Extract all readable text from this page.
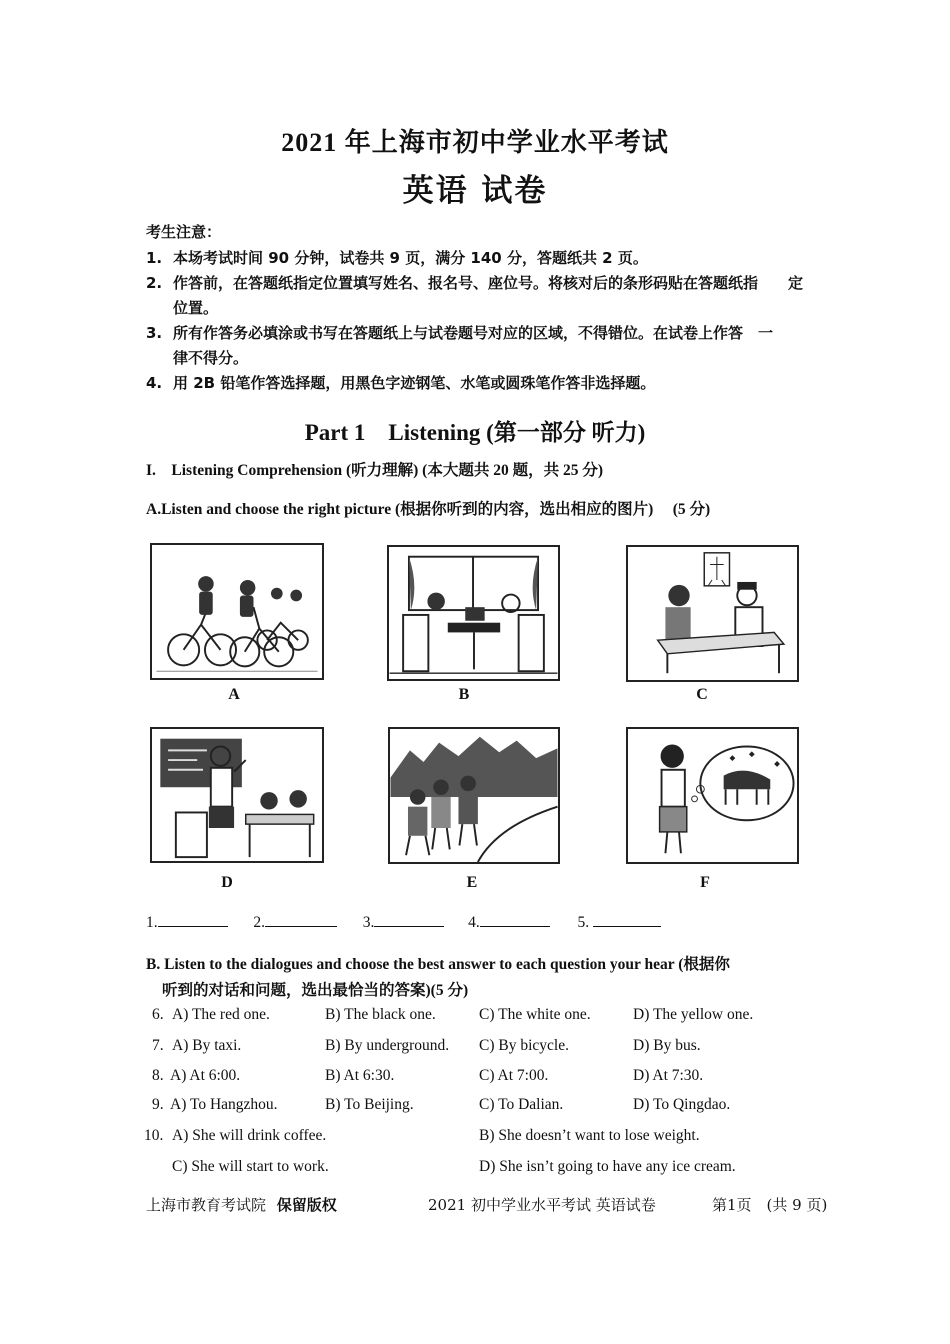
2021 年上海市初中学业水平考试
英语 试卷
考生注意：
1. 本场考试时间 90 分钟，试卷共 9 页，满分 140 分，答题纸共 2 页。
2. 作答前，在答题纸指定位置填写姓名、报名号、座位号。将核对后的条形码贴在答题纸指　　定
位置。
3. 所有作答务必填涂或书写在答题纸上与试卷题号对应的区域，不得错位。在试卷上作答　一
律不得分。
4. 用 2B 铅笔作答选择题，用黑色字迹钢笔、水笔或圆珠笔作答非选择题。
Part 1　Listening (第一部分 听力)
I.　Listening Comprehension (听力理解) (本大题共 20 题，共 25 分)
A.Listen and choose the right picture (根据你听到的内容，选出相应的图片)　 (5 分)
A	B	C
D	E	F
1.	2.	3.	4.	5.
B. Listen to the dialogues and choose the best answer to each question your hear (根据你
听到的对话和问题，选出最恰当的答案)(5 分)
6. A) The red one.	B) The black one.	C) The white one.	D) The yellow one.
7. A) By taxi.	B) By underground. C) By bicycle.	D) By bus.
8. A) At 6:00.	B) At 6:30.	C) At 7:00.	D) At 7:30.
9. A) To Hangzhou.	B) To Beijing.	C) To Dalian.	D) To Qingdao.
10. A) She will drink coffee.	B) She doesn’t want to lose weight.
C) She will start to work.	D) She isn’t going to have any ice cream.
上海市教育考试院 保留版权	2021 初中学业水平考试 英语试卷	第1页　(共 9 页)
